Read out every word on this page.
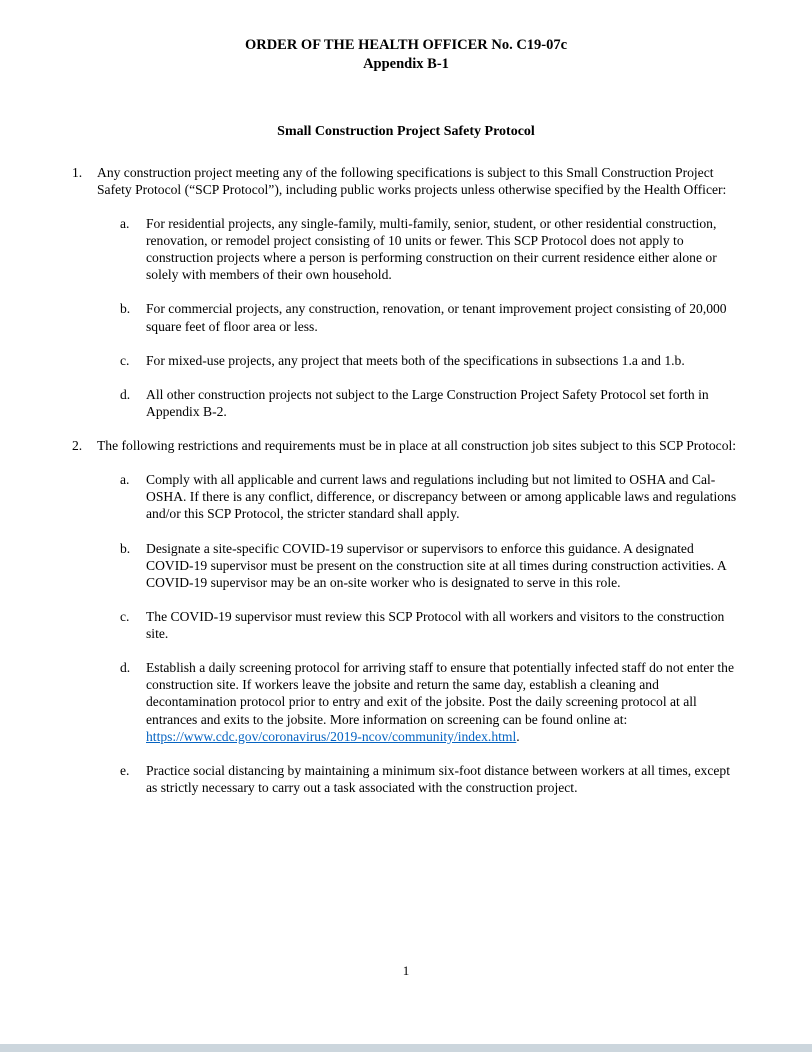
ORDER OF THE HEALTH OFFICER No. C19-07c
Appendix B-1
Small Construction Project Safety Protocol
1.	Any construction project meeting any of the following specifications is subject to this Small Construction Project Safety Protocol (“SCP Protocol”), including public works projects unless otherwise specified by the Health Officer:
a.	For residential projects, any single-family, multi-family, senior, student, or other residential construction, renovation, or remodel project consisting of 10 units or fewer. This SCP Protocol does not apply to construction projects where a person is performing construction on their current residence either alone or solely with members of their own household.
b.	For commercial projects, any construction, renovation, or tenant improvement project consisting of 20,000 square feet of floor area or less.
c.	For mixed-use projects, any project that meets both of the specifications in subsections 1.a and 1.b.
d.	All other construction projects not subject to the Large Construction Project Safety Protocol set forth in Appendix B-2.
2.	The following restrictions and requirements must be in place at all construction job sites subject to this SCP Protocol:
a.	Comply with all applicable and current laws and regulations including but not limited to OSHA and Cal-OSHA. If there is any conflict, difference, or discrepancy between or among applicable laws and regulations and/or this SCP Protocol, the stricter standard shall apply.
b.	Designate a site-specific COVID-19 supervisor or supervisors to enforce this guidance. A designated COVID-19 supervisor must be present on the construction site at all times during construction activities. A COVID-19 supervisor may be an on-site worker who is designated to serve in this role.
c.	The COVID-19 supervisor must review this SCP Protocol with all workers and visitors to the construction site.
d.	Establish a daily screening protocol for arriving staff to ensure that potentially infected staff do not enter the construction site. If workers leave the jobsite and return the same day, establish a cleaning and decontamination protocol prior to entry and exit of the jobsite. Post the daily screening protocol at all entrances and exits to the jobsite. More information on screening can be found online at: https://www.cdc.gov/coronavirus/2019-ncov/community/index.html.
e.	Practice social distancing by maintaining a minimum six-foot distance between workers at all times, except as strictly necessary to carry out a task associated with the construction project.
1
